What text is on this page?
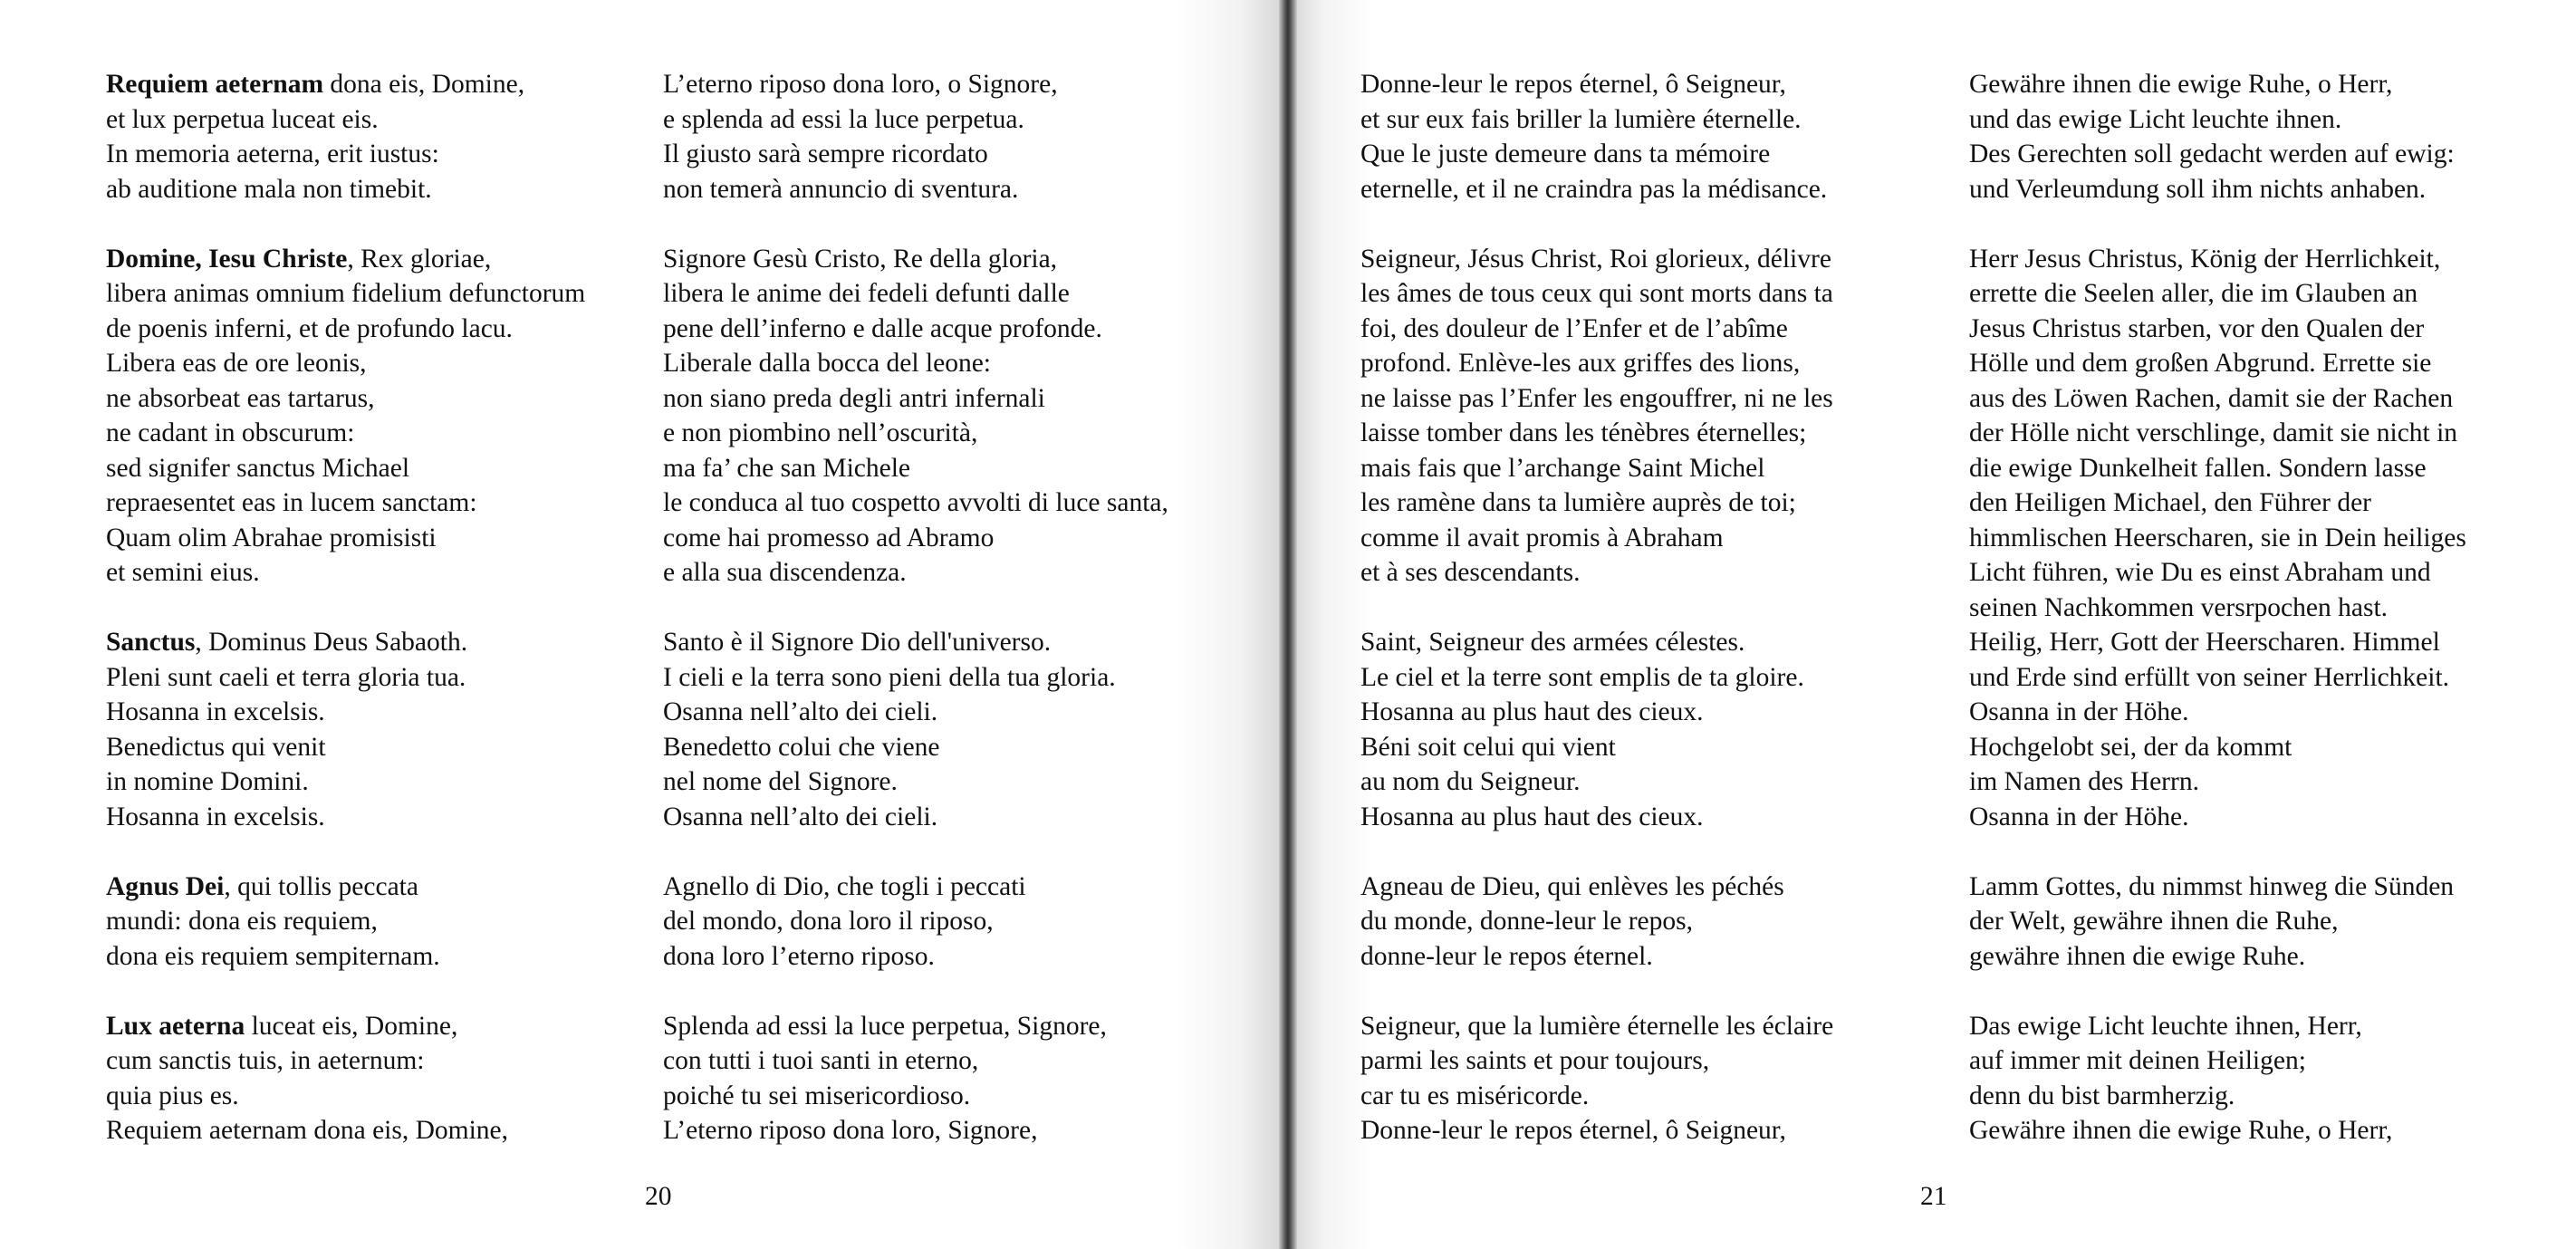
Requiem aeternam dona eis, Domine,
et lux perpetua luceat eis.
In memoria aeterna, erit iustus:
ab auditione mala non timebit.
Domine, Iesu Christe, Rex gloriae,
libera animas omnium fidelium defunctorum
de poenis inferni, et de profundo lacu.
Libera eas de ore leonis,
ne absorbeat eas tartarus,
ne cadant in obscurum:
sed signifer sanctus Michael
repraesentet eas in lucem sanctam:
Quam olim Abrahae promisisti
et semini eius.
Sanctus, Dominus Deus Sabaoth.
Pleni sunt caeli et terra gloria tua.
Hosanna in excelsis.
Benedictus qui venit
in nomine Domini.
Hosanna in excelsis.
Agnus Dei, qui tollis peccata
mundi: dona eis requiem,
dona eis requiem sempiternam.
Lux aeterna luceat eis, Domine,
cum sanctis tuis, in aeternum:
quia pius es.
Requiem aeternam dona eis, Domine,
L’eterno riposo dona loro, o Signore,
e splenda ad essi la luce perpetua.
Il giusto sarà sempre ricordato
non temerà annuncio di sventura.
Signore Gesù Cristo, Re della gloria,
libera le anime dei fedeli defunti dalle
pene dell’inferno e dalle acque profonde.
Liberale dalla bocca del leone:
non siano preda degli antri infernali
e non piombino nell’oscurità,
ma fa’ che san Michele
le conduca al tuo cospetto avvolti di luce santa,
come hai promesso ad Abramo
e alla sua discendenza.
Santo è il Signore Dio dell'universo.
I cieli e la terra sono pieni della tua gloria.
Osanna nell’alto dei cieli.
Benedetto colui che viene
nel nome del Signore.
Osanna nell’alto dei cieli.
Agnello di Dio, che togli i peccati
del mondo, dona loro il riposo,
dona loro l’eterno riposo.
Splenda ad essi la luce perpetua, Signore,
con tutti i tuoi santi in eterno,
poiché tu sei misericordioso.
L’eterno riposo dona loro, Signore,
20
Donne-leur le repos éternel, ô Seigneur,
et sur eux fais briller la lumière éternelle.
Que le juste demeure dans ta mémoire
eternelle, et il ne craindra pas la médisance.
Seigneur, Jésus Christ, Roi glorieux, délivre
les âmes de tous ceux qui sont morts dans ta
foi, des douleur de l’Enfer et de l’abîme
profond. Enlève-les aux griffes des lions,
ne laisse pas l’Enfer les engouffrer, ni ne les
laisse tomber dans les ténèbres éternelles;
mais fais que l’archange Saint Michel
les ramène dans ta lumière auprès de toi;
comme il avait promis à Abraham
et à ses descendants.
Saint, Seigneur des armées célestes.
Le ciel et la terre sont emplis de ta gloire.
Hosanna au plus haut des cieux.
Béni soit celui qui vient
au nom du Seigneur.
Hosanna au plus haut des cieux.
Agneau de Dieu, qui enlèves les péchés
du monde, donne-leur le repos,
donne-leur le repos éternel.
Seigneur, que la lumière éternelle les éclaire
parmi les saints et pour toujours,
car tu es miséricorde.
Donne-leur le repos éternel, ô Seigneur,
Gewähre ihnen die ewige Ruhe, o Herr,
und das ewige Licht leuchte ihnen.
Des Gerechten soll gedacht werden auf ewig:
und Verleumdung soll ihm nichts anhaben.
Herr Jesus Christus, König der Herrlichkeit,
errette die Seelen aller, die im Glauben an
Jesus Christus starben, vor den Qualen der
Hölle und dem großen Abgrund. Errette sie
aus des Löwen Rachen, damit sie der Rachen
der Hölle nicht verschlinge, damit sie nicht in
die ewige Dunkelheit fallen. Sondern lasse
den Heiligen Michael, den Führer der
himmlischen Heerscharen, sie in Dein heiliges
Licht führen, wie Du es einst Abraham und
seinen Nachkommen versrpochen hast.
Heilig, Herr, Gott der Heerscharen. Himmel
und Erde sind erfüllt von seiner Herrlichkeit.
Osanna in der Höhe.
Hochgelobt sei, der da kommt
im Namen des Herrn.
Osanna in der Höhe.
Lamm Gottes, du nimmst hinweg die Sünden
der Welt, gewähre ihnen die Ruhe,
gewähre ihnen die ewige Ruhe.
Das ewige Licht leuchte ihnen, Herr,
auf immer mit deinen Heiligen;
denn du bist barmherzig.
Gewähre ihnen die ewige Ruhe, o Herr,
21
